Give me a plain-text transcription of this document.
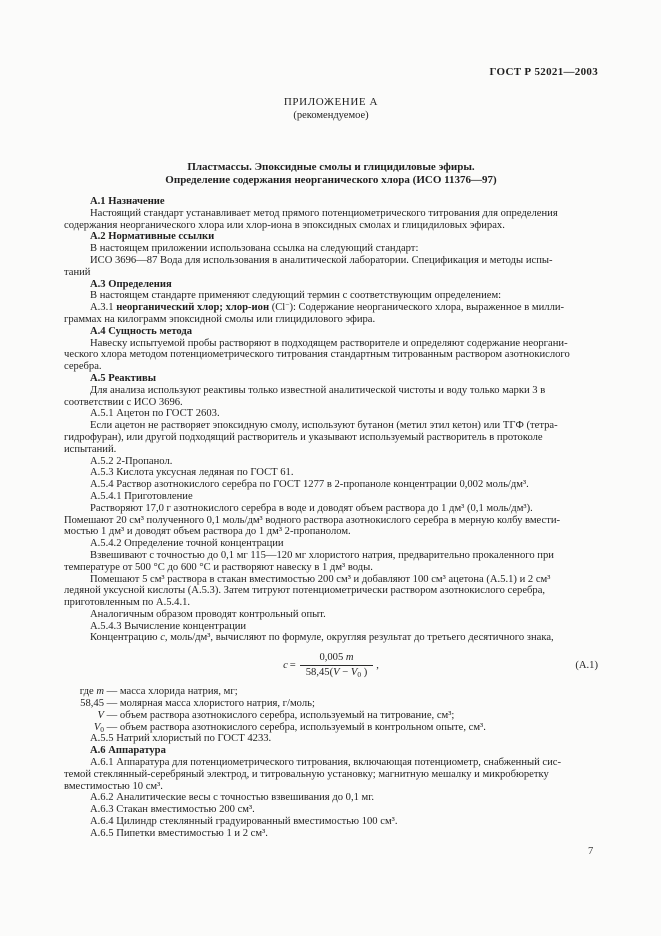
ГОСТ Р 52021—2003
ПРИЛОЖЕНИЕ А
(рекомендуемое)
Пластмассы. Эпоксидные смолы и глицидиловые эфиры.
Определение содержания неорганического хлора (ИСО 11376—97)
А.1 Назначение
Настоящий стандарт устанавливает метод прямого потенциометрического титрования для определения
содержания неорганического хлора или хлор-иона в эпоксидных смолах и глицидиловых эфирах.
А.2 Нормативные ссылки
В настоящем приложении использована ссылка на следующий стандарт:
ИСО 3696—87 Вода для использования в аналитической лаборатории. Спецификация и методы испы-
таний
А.3 Определения
В настоящем стандарте применяют следующий термин с соответствующим определением:
А.3.1 неорганический хлор; хлор-ион (Cl−): Содержание неорганического хлора, выраженное в милли-
граммах на килограмм эпоксидной смолы или глицидилового эфира.
А.4 Сущность метода
Навеску испытуемой пробы растворяют в подходящем растворителе и определяют содержание неоргани-
ческого хлора методом потенциометрического титрования стандартным титрованным раствором азотнокислого
серебра.
А.5 Реактивы
Для анализа используют реактивы только известной аналитической чистоты и воду только марки 3 в
соответствии с ИСО 3696.
А.5.1 Ацетон по ГОСТ 2603.
Если ацетон не растворяет эпоксидную смолу, используют бутанон (метил этил кетон) или ТГФ (тетра-
гидрофуран), или другой подходящий растворитель и указывают используемый растворитель в протоколе
испытаний.
А.5.2 2-Пропанол.
А.5.3 Кислота уксусная ледяная по ГОСТ 61.
А.5.4 Раствор азотнокислого серебра по ГОСТ 1277 в 2-пропаноле концентрации 0,002 моль/дм³.
А.5.4.1 Приготовление
Растворяют 17,0 г азотнокислого серебра в воде и доводят объем раствора до 1 дм³ (0,1 моль/дм³).
Помешают 20 см³ полученного 0,1 моль/дм³ водного раствора азотнокислого серебра в мерную колбу вмести-
мостью 1 дм³ и доводят объем раствора до 1 дм³ 2-пропанолом.
А.5.4.2 Определение точной концентрации
Взвешивают с точностью до 0,1 мг 115—120 мг хлористого натрия, предварительно прокаленного при
температуре от 500 °С до 600 °С и растворяют навеску в 1 дм³ воды.
Помешают 5 см³ раствора в стакан вместимостью 200 см³ и добавляют 100 см³ ацетона (А.5.1) и 2 см³
ледяной уксусной кислоты (А.5.3). Затем титруют потенциометрически раствором азотнокислого серебра,
приготовленным по А.5.4.1.
Аналогичным образом проводят контрольный опыт.
А.5.4.3 Вычисление концентрации
Концентрацию c, моль/дм³, вычисляют по формуле, округляя результат до третьего десятичного знака,
$c = \frac{0,005 m}{58,45(V - V0 )}$ ,	(А.1)
где m — масса хлорида натрия, мг;
58,45 — молярная масса хлористого натрия, г/моль;
V — объем раствора азотнокислого серебра, используемый на титрование, см³;
V0 — объем раствора азотнокислого серебра, используемый в контрольном опыте, см³.
А.5.5 Натрий хлористый по ГОСТ 4233.
А.6 Аппаратура
А.6.1 Аппаратура для потенциометрического титрования, включающая потенциометр, снабженный сис-
темой стеклянный-серебряный электрод, и титровальную установку; магнитную мешалку и микробюретку
вместимостью 10 см³.
А.6.2 Аналитические весы с точностью взвешивания до 0,1 мг.
А.6.3 Стакан вместимостью 200 см³.
А.6.4 Цилиндр стеклянный градуированный вместимостью 100 см³.
А.6.5 Пипетки вместимостью 1 и 2 см³.
7
